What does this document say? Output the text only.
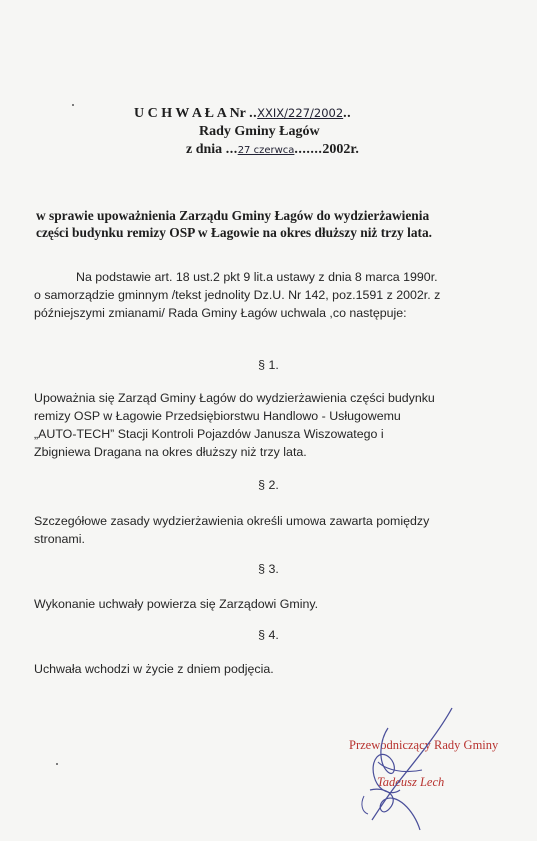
U C H W A Ł A Nr ..XXIX/227/2002..
Rady Gminy Łagów
z dnia ...27 czerwca.......2002r.
w sprawie upoważnienia Zarządu Gminy Łagów do wydzierżawienia
części budynku remizy OSP w Łagowie na okres dłuższy niż trzy lata.
Na podstawie art. 18 ust.2 pkt 9 lit.a ustawy z dnia 8 marca 1990r.
o samorządzie gminnym /tekst jednolity Dz.U. Nr 142, poz.1591 z 2002r. z
późniejszymi zmianami/ Rada Gminy Łagów uchwala ,co następuje:
§ 1.
Upoważnia się Zarząd Gminy Łagów do wydzierżawienia części budynku
remizy OSP w Łagowie Przedsiębiorstwu Handlowo - Usługowemu
„AUTO-TECH” Stacji Kontroli Pojazdów Janusza Wiszowatego i
Zbigniewa Dragana na okres dłuższy niż trzy lata.
§ 2.
Szczegółowe zasady wydzierżawienia określi umowa zawarta pomiędzy
stronami.
§ 3.
Wykonanie uchwały powierza się Zarządowi Gminy.
§ 4.
Uchwała wchodzi w życie z dniem podjęcia.
Przewodniczący Rady Gminy
Tadeusz Lech
